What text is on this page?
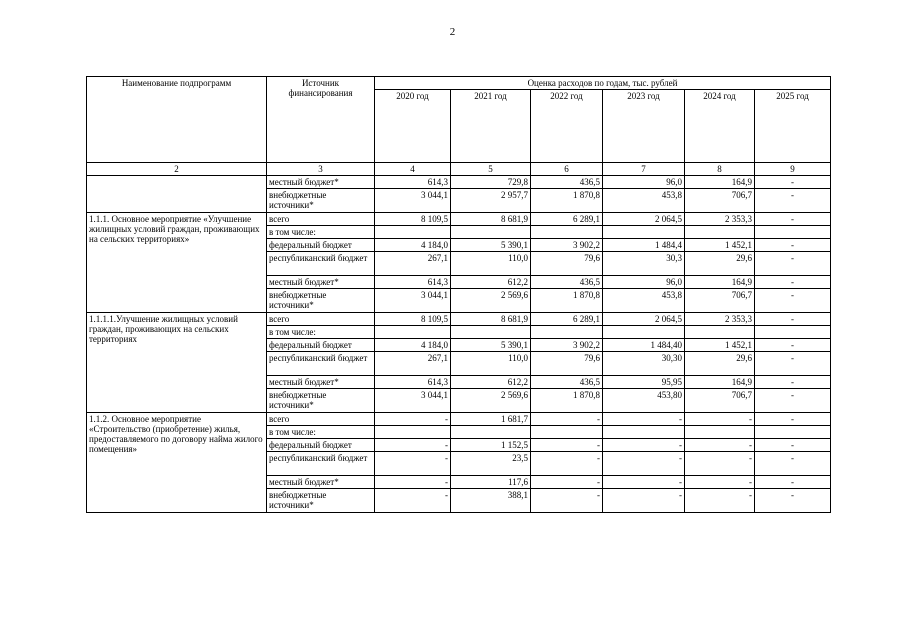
2
Наименование подпрограмм	Источник финансирования	Оценка расходов по годам, тыс. рублей					
		2020 год	2021 год	2022 год	2023 год	2024 год	2025 год
2	3	4	5	6	7	8	9
	местный бюджет*	614,3	729,8	436,5	96,0	164,9	-
	внебюджетные источники*	3 044,1	2 957,7	1 870,8	453,8	706,7	-
1.1.1. Основное мероприятие «Улучшение жилищных условий граждан, проживающих на сельских территориях»	всего	8 109,5	8 681,9	6 289,1	2 064,5	2 353,3	-
	в том числе:						
	федеральный бюджет	4 184,0	5 390,1	3 902,2	1 484,4	1 452,1	-
	республиканский бюджет	267,1	110,0	79,6	30,3	29,6	-
	местный бюджет*	614,3	612,2	436,5	96,0	164,9	-
	внебюджетные источники*	3 044,1	2 569,6	1 870,8	453,8	706,7	-
1.1.1.1.Улучшение жилищных условий граждан, проживающих на сельских территориях	всего	8 109,5	8 681,9	6 289,1	2 064,5	2 353,3	-
	в том числе:						
	федеральный бюджет	4 184,0	5 390,1	3 902,2	1 484,40	1 452,1	-
	республиканский бюджет	267,1	110,0	79,6	30,30	29,6	-
	местный бюджет*	614,3	612,2	436,5	95,95	164,9	-
	внебюджетные источники*	3 044,1	2 569,6	1 870,8	453,80	706,7	-
1.1.2. Основное мероприятие «Строительство (приобретение) жилья, предоставляемого по договору найма жилого помещения»	всего	-	1 681,7	-	-	-	-
	в том числе:						
	федеральный бюджет	-	1 152,5	-	-	-	-
	республиканский бюджет	-	23,5	-	-	-	-
	местный бюджет*	-	117,6	-	-	-	-
	внебюджетные источники*	-	388,1	-	-	-	-
